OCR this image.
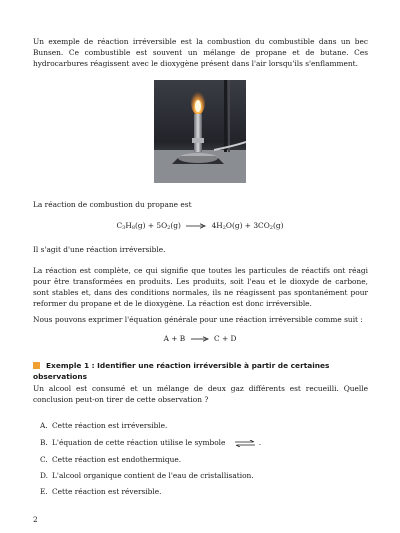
Un exemple de réaction irréversible est la combustion du combustible dans un bec Bunsen. Ce combustible est souvent un mélange de propane et de butane. Ces hydrocarbures réagissent avec le dioxygène présent dans l'air lorsqu'ils s'enflamment.

La réaction de combustion du propane est

$C_3H_8(g) + 5O_2(g) \to 4H_2O(g) + 3CO_2(g)$

Il s'agit d'une réaction irréversible.

La réaction est complète, ce qui signifie que toutes les particules de réactifs ont réagi pour être transformées en produits. Les produits, soit l'eau et le dioxyde de carbone, sont stables et, dans des conditions normales, ils ne réagissent pas spontanément pour reformer du propane et de le dioxygène. La réaction est donc irréversible.

Nous pouvons exprimer l'équation générale pour une réaction irréversible comme suit :

A + B → C + D
Exemple 1 : Identifier une réaction irréversible à partir de certaines observations

Un alcool est consumé et un mélange de deux gaz différents est recueilli. Quelle conclusion peut-on tirer de cette observation ?

A. Cette réaction est irréversible.
B. L'équation de cette réaction utilise le symbole ⇌ .
C. Cette réaction est endothermique.
D. L'alcool organique contient de l'eau de cristallisation.
E. Cette réaction est réversible.
2
